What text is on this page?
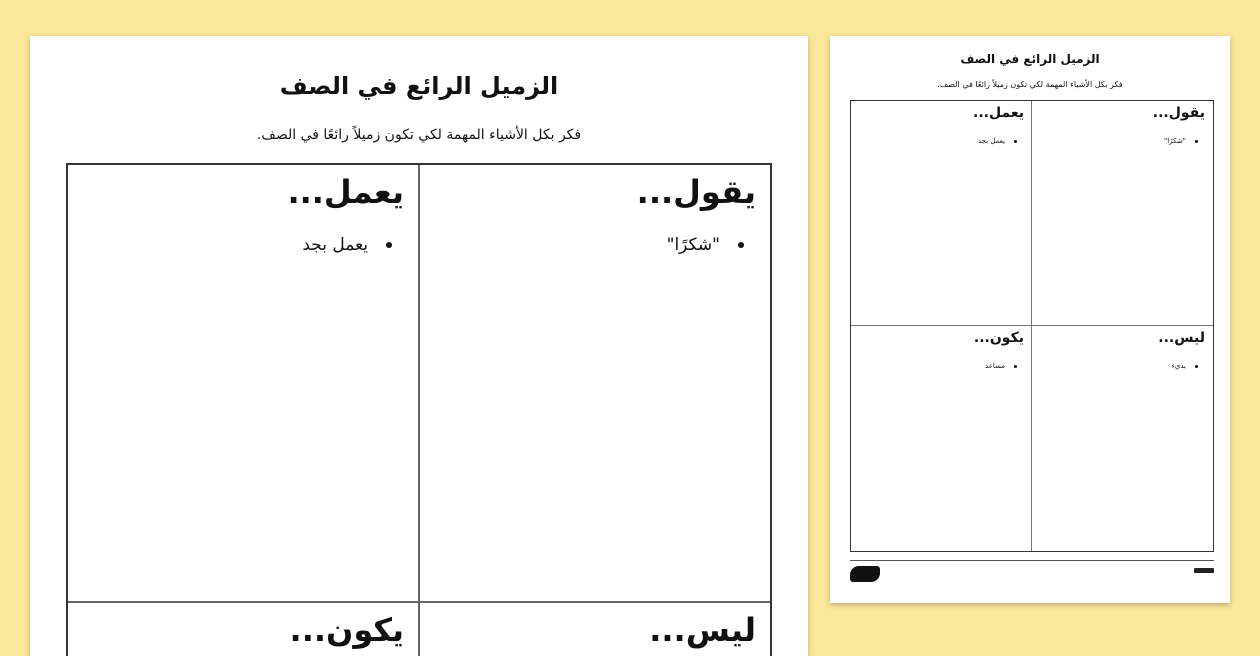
الزميل الرائع في الصف
فكر بكل الأشياء المهمة لكي تكون زميلاً رائعًا في الصف.
يقول...
"شكرًا"
يعمل...
يعمل بجد
ليس...
يكون...
الزميل الرائع في الصف
فكر بكل الأشياء المهمة لكي تكون زميلاً رائعًا في الصف.
يقول...
"شكرًا"
يعمل...
يعمل بجد
ليس...
بذيء
يكون...
مساعد
